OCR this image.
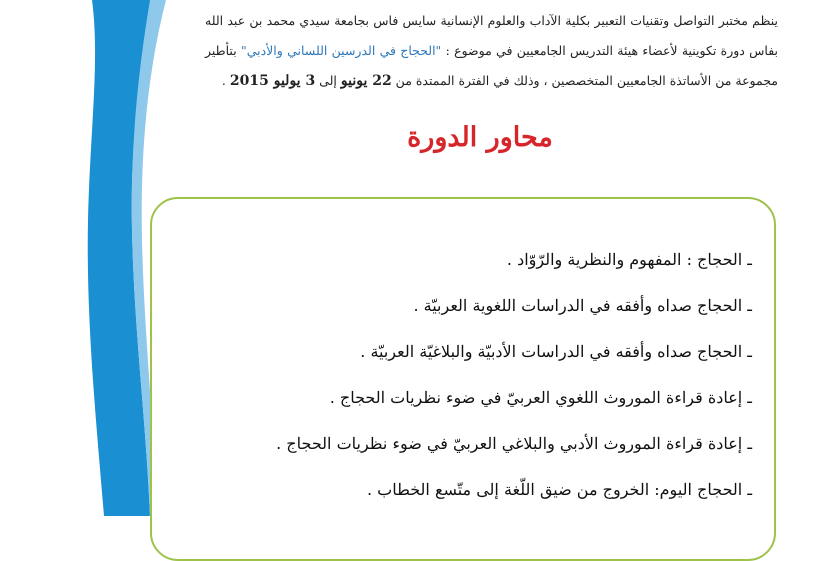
ينظم مختبر التواصل وتقنيات التعبير بكلية الآداب والعلوم الإنسانية سايس فاس بجامعة سيدي محمد بن عبد الله بفاس دورة تكوينية لأعضاء هيئة التدريس الجامعيين في موضوع : "الحجاج في الدرسين اللساني والأدبي" بتأطير مجموعة من الأساتذة الجامعيين المتخصصين ، وذلك في الفترة الممتدة من 22 يونيو إلى 3 يوليو 2015 .
محاور الدورة
ـ الحجاج : المفهوم والنظرية والرّوّاد .
ـ الحجاج صداه وأفقه في الدراسات اللغوية العربيّة .
ـ الحجاج صداه وأفقه في الدراسات الأدبيّة والبلاغيّة العربيّة .
ـ إعادة قراءة الموروث اللغوي العربيّ في ضوء نظريات الحجاج .
ـ إعادة قراءة الموروث الأدبي والبلاغي العربيّ في ضوء نظريات الحجاج .
ـ الحجاج اليوم: الخروج من ضيق اللّغة إلى متّسع الخطاب .
